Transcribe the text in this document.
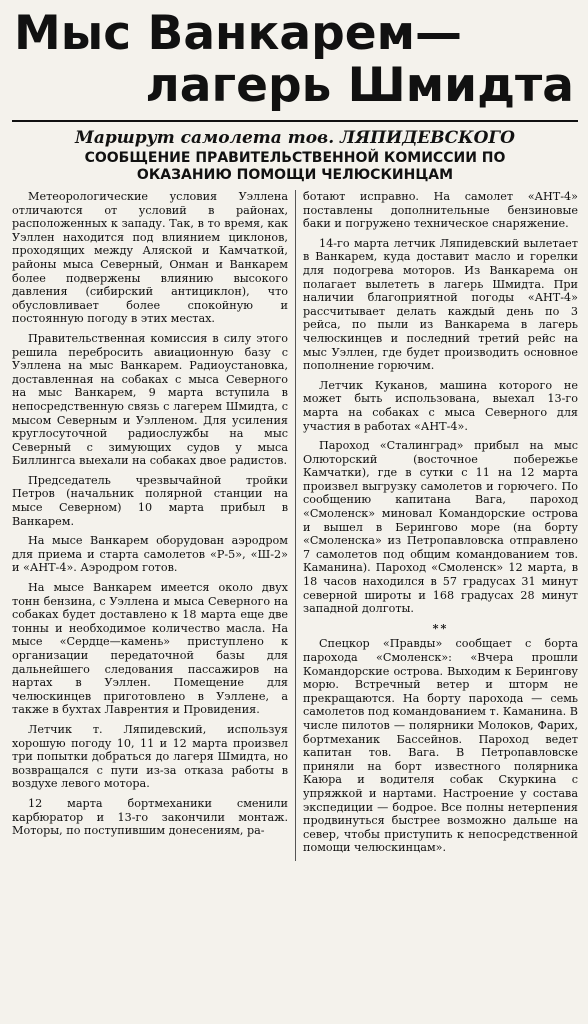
Мыс Ванкарем—
лагерь Шмидта
Маршрут самолета тов. ЛЯПИДЕВСКОГО
СООБЩЕНИЕ ПРАВИТЕЛЬСТВЕННОЙ КОМИССИИ ПО ОКАЗАНИЮ ПОМОЩИ ЧЕЛЮСКИНЦАМ

Метеорологические условия Уэллена отличаются от условий в районах, расположенных к западу. Так, в то время, как Уэллен находится под влиянием циклонов, проходящих между Аляской и Камчаткой, районы мыса Северный, Онман и Ванкарем более подвержены влиянию высокого давления (сибирский антициклон), что обусловливает более спокойную и постоянную погоду в этих местах.

Правительственная комиссия в силу этого решила перебросить авиационную базу с Уэллена на мыс Ванкарем. Радиоустановка, доставленная на собаках с мыса Северного на мыс Ванкарем, 9 марта вступила в непосредственную связь с лагерем Шмидта, с мысом Северным и Уэлленом. Для усиления круглосуточной радиослужбы на мыс Северный с зимующих судов у мыса Биллингса выехали на собаках двое радистов.

Председатель чрезвычайной тройки Петров (начальник полярной станции на мысе Северном) 10 марта прибыл в Ванкарем.

На мысе Ванкарем оборудован аэродром для приема и старта самолетов «Р-5», «Ш-2» и «АНТ-4». Аэродром готов.

На мысе Ванкарем имеется около двух тонн бензина, с Уэллена и мыса Северного на собаках будет доставлено к 18 марта еще две тонны и необходимое количество масла. На мысе «Сердце—камень» приступлено к организации передаточной базы для дальнейшего следования пассажиров на нартах в Уэллен. Помещение для челюскинцев приготовлено в Уэллене, а также в бухтах Лаврентия и Провидения.

Летчик т. Ляпидевский, используя хорошую погоду 10, 11 и 12 марта произвел три попытки добраться до лагеря Шмидта, но возвращался с пути из-за отказа работы в воздухе левого мотора.

12 марта бортмеханики сменили карбюратор и 13-го закончили монтаж. Моторы, по поступившим донесениям, ра-

ботают исправно. На самолет «АНТ-4» поставлены дополнительные бензиновые баки и погружено техническое снаряжение.

14-го марта летчик Ляпидевский вылетает в Ванкарем, куда доставит масло и горелки для подогрева моторов. Из Ванкарема он полагает вылететь в лагерь Шмидта. При наличии благоприятной погоды «АНТ-4» рассчитывает делать каждый день по 3 рейса, по пыли из Ванкарема в лагерь челюскинцев и последний третий рейс на мыс Уэллен, где будет производить основное пополнение горючим.

Летчик Куканов, машина которого не может быть использована, выехал 13-го марта на собаках с мыса Северного для участия в работах «АНТ-4».

Пароход «Сталинград» прибыл на мыс Олюторский (восточное побережье Камчатки), где в сутки с 11 на 12 марта произвел выгрузку самолетов и горючего. По сообщению капитана Вага, пароход «Смоленск» миновал Командорские острова и вышел в Берингово море (на борту «Смоленска» из Петропавловска отправлено 7 самолетов под общим командованием тов. Каманина). Пароход «Смоленск» 12 марта, в 18 часов находился в 57 градусах 31 минут северной широты и 168 градусах 28 минут западной долготы.

**

Спецкор «Правды» сообщает с борта парохода «Смоленск»: «Вчера прошли Командорские острова. Выходим к Берингову морю. Встречный ветер и шторм не прекращаются. На борту парохода — семь самолетов под командованием т. Каманина. В числе пилотов — полярники Молоков, Фариx, бортмеханик Бассейнов. Пароход ведет капитан тов. Вага. В Петропавловске приняли на борт известного полярника Каюра и водителя собак Скуркина с упряжкой и нартами. Настроение у состава экспедиции — бодрое. Все полны нетерпения продвинуться быстрее возможно дальше на север, чтобы приступить к непосредственной помощи челюскинцам».
